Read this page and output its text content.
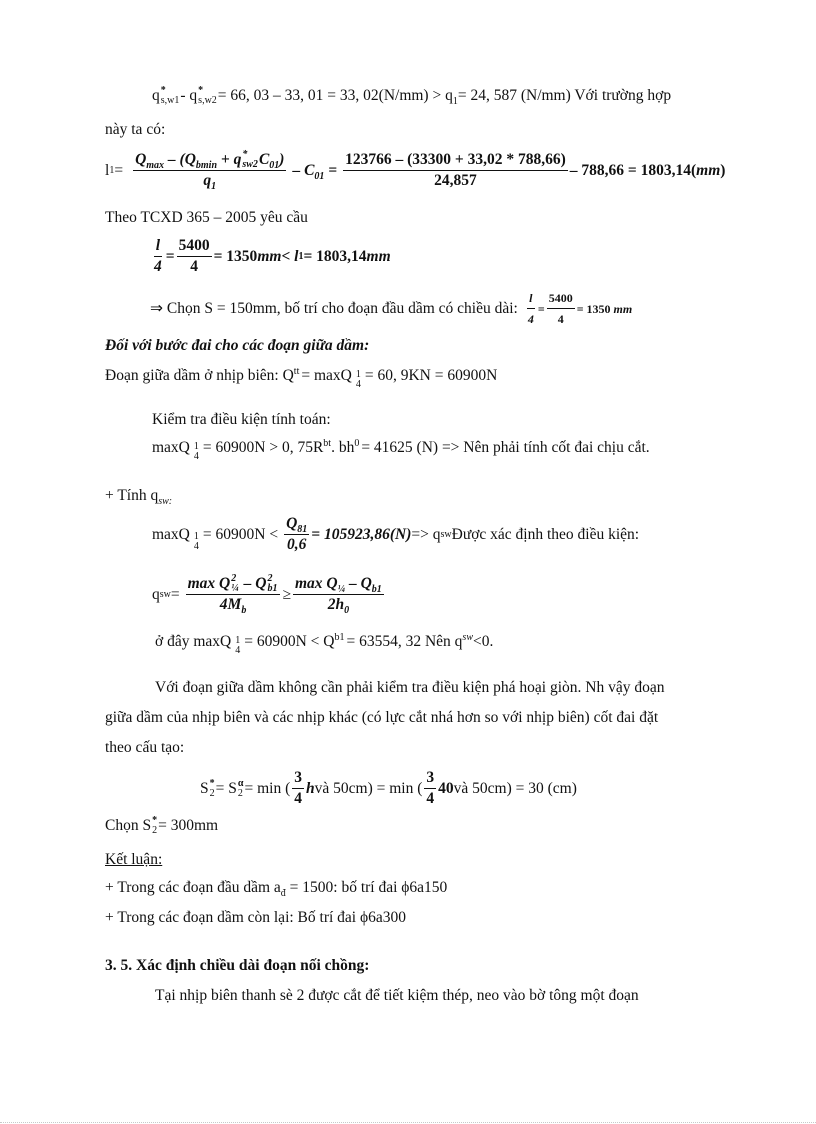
q *
s,w1 - q *
s,w2 = 66, 03 – 33, 01 = 33, $02(N/mm) > q_1= 24$, 587 (N/mm) Với trường hợp
này ta có:
l $1 = Q_{max} - (Q_{bmin} + q$ *
sw2 $C_{01}$)
$q_1 - C_{01} = \frac{123766 - (33300 + 33,02 * 788,66)}{24,857} - 788,66 = 1803,14(mm)$
Theo TCXD 365 – 2005 yêu cầu
$\frac{l}{4} = \frac{5400}{4} = 1350$ mm < l 1 = 1803,14 mm
⇒ Chọn S = 150mm, bố trí cho đoạn đầu dầm có chiều dài: $\frac{l}{4} = \frac{5400}{4} = 1350$ mm
Đối với bước đai cho các đoạn giữa dầm:
Đoạn giữa dầm ở nhịp biên: Q tt = maxQ 1
4
= 60, 9KN = 60900N
Kiểm tra điều kiện tính toán:
maxQ 1
4
= 60900N > 0, 75R bt . bh 0 = 41625 (N) => Nên phải tính cốt đai chịu cắt.
+ Tính $q_{sw:}$
maxQ 1
4
= $60900N < \frac{Q_{81}}{0,6} = 105923,86(N) => q$ sw Được xác định theo điều kiện:
q sw = max Q 2
¼ – Q 2
b1
$4M_b \ge \frac{\max Q_{\frac{1}{4}} - Q_{b1}}{2h_0}$
ở đây maxQ 1
4
= 60900N < Q b1 = 63554, 32 Nên q sw <0.
Với đoạn giữa dầm không cần phải kiểm tra điều kiện phá hoại giòn. Nh vậy đoạn
giữa dầm của nhịp biên và các nhịp khác (có lực cắt nhá hơn so với nhịp biên) cốt đai đặt
theo cấu tạo:
S *
2 = S α
2 = min ( $\frac{3}{4}$ h và 50cm) = min ( $\frac{3}{4} 40$ và 50cm) = 30 (cm)
Chọn S *
2 = 300mm
Kết luận:
+ Trong các đoạn đầu dầm $a_đ = 1500$: bố trí đai ϕ6a150
+ Trong các đoạn dầm còn lại: Bố trí đai ϕ6a300
3. 5. Xác định chiều dài đoạn nối chồng:
Tại nhịp biên thanh sè 2 được cắt để tiết kiệm thép, neo vào bờ tông một đoạn
